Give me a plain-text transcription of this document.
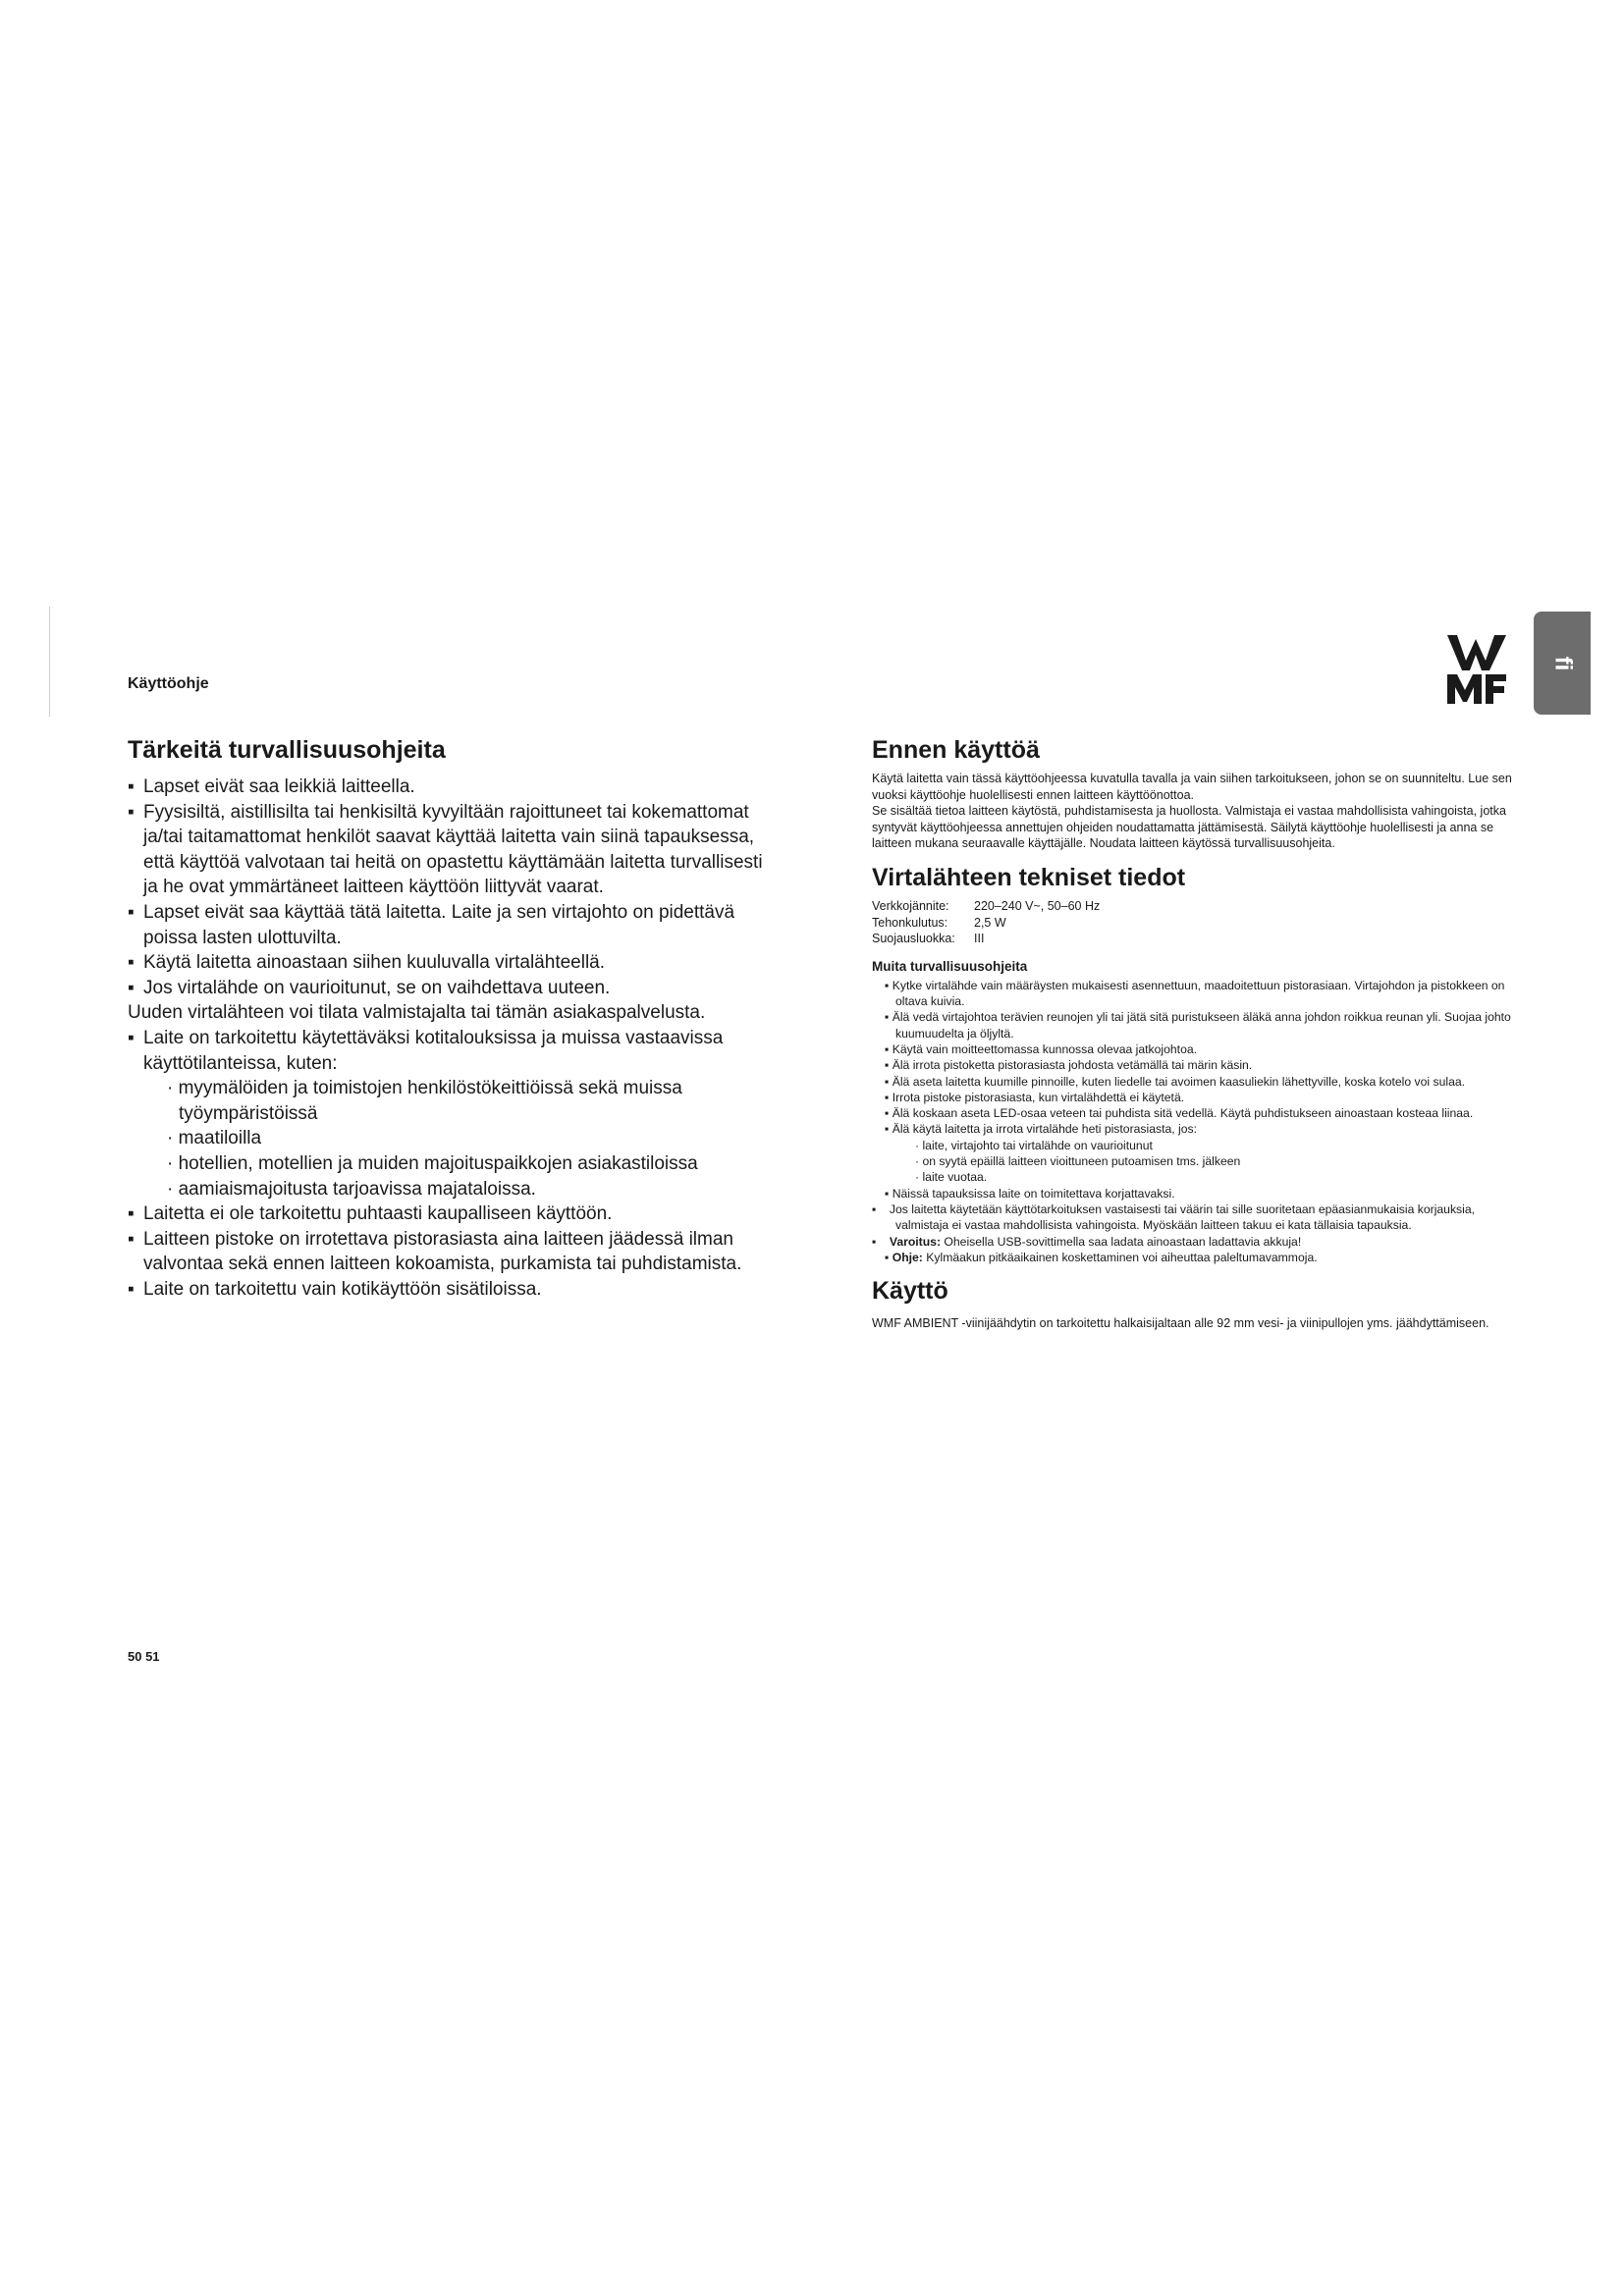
Käyttöohje
fi
Tärkeitä turvallisuusohjeita

▪ Lapset eivät saa leikkiä laitteella.

▪ Fyysisiltä, aistillisilta tai henkisiltä kyvyiltään rajoittuneet tai kokemattomat ja/tai taitamattomat henkilöt saavat käyttää laitetta vain siinä tapauksessa, että käyttöä valvotaan tai heitä on opastettu käyttämään laitetta turvallisesti ja he ovat ymmärtäneet laitteen käyttöön liittyvät vaarat.

▪ Lapset eivät saa käyttää tätä laitetta. Laite ja sen virtajohto on pidettävä poissa lasten ulottuvilta.

▪ Käytä laitetta ainoastaan siihen kuuluvalla virtalähteellä.

▪ Jos virtalähde on vaurioitunut, se on vaihdettava uuteen.

Uuden virtalähteen voi tilata valmistajalta tai tämän asiakaspalvelusta.

▪ Laite on tarkoitettu käytettäväksi kotitalouksissa ja muissa vastaavissa käyttötilanteissa, kuten:

· myymälöiden ja toimistojen henkilöstökeittiöissä sekä muissa työympäristöissä

· maatiloilla

· hotellien, motellien ja muiden majoituspaikkojen asiakastiloissa

· aamiaismajoitusta tarjoavissa majataloissa.

▪ Laitetta ei ole tarkoitettu puhtaasti kaupalliseen käyttöön.

▪ Laitteen pistoke on irrotettava pistorasiasta aina laitteen jäädessä ilman valvontaa sekä ennen laitteen kokoamista, purkamista tai puhdistamista.

▪ Laite on tarkoitettu vain kotikäyttöön sisätiloissa.

Ennen käyttöä

Käytä laitetta vain tässä käyttöohjeessa kuvatulla tavalla ja vain siihen tarkoitukseen, johon se on suunniteltu. Lue sen vuoksi käyttöohje huolellisesti ennen laitteen käyttöönottoa.

Se sisältää tietoa laitteen käytöstä, puhdistamisesta ja huollosta. Valmistaja ei vastaa mahdollisista vahingoista, jotka syntyvät käyttöohjeessa annettujen ohjeiden noudattamatta jättämisestä. Säilytä käyttöohje huolellisesti ja anna se laitteen mukana seuraavalle käyttäjälle. Noudata laitteen käytössä turvallisuusohjeita.

Virtalähteen tekniset tiedot

Verkkojännite:	220–240 V~, 50–60 Hz

Tehonkulutus:	2,5 W

Suojausluokka:	III

Muita turvallisuusohjeita

▪ Kytke virtalähde vain määräysten mukaisesti asennettuun, maadoitettuun pistorasiaan. Virtajohdon ja pistokkeen on oltava kuivia.

▪ Älä vedä virtajohtoa terävien reunojen yli tai jätä sitä puristukseen äläkä anna johdon roikkua reunan yli. Suojaa johto kuumuudelta ja öljyltä.

▪ Käytä vain moitteettomassa kunnossa olevaa jatkojohtoa.

▪ Älä irrota pistoketta pistorasiasta johdosta vetämällä tai märin käsin.

▪ Älä aseta laitetta kuumille pinnoille, kuten liedelle tai avoimen kaasuliekin lähettyville, koska kotelo voi sulaa.

▪ Irrota pistoke pistorasiasta, kun virtalähdettä ei käytetä.

▪ Älä koskaan aseta LED-osaa veteen tai puhdista sitä vedellä. Käytä puhdistukseen ainoastaan kosteaa liinaa.

▪ Älä käytä laitetta ja irrota virtalähde heti pistorasiasta, jos:

· laite, virtajohto tai virtalähde on vaurioitunut

· on syytä epäillä laitteen vioittuneen putoamisen tms. jälkeen

· laite vuotaa.

▪ Näissä tapauksissa laite on toimitettava korjattavaksi.

▪    Jos laitetta käytetään käyttötarkoituksen vastaisesti tai väärin tai sille suoritetaan epäasianmukaisia korjauksia, valmistaja ei vastaa mahdollisista vahingoista. Myöskään laitteen takuu ei kata tällaisia tapauksia.

▪    Varoitus: Oheisella USB-sovittimella saa ladata ainoastaan ladattavia akkuja!

▪ Ohje: Kylmäakun pitkäaikainen koskettaminen voi aiheuttaa paleltumavammoja.

Käyttö

WMF AMBIENT -viinijäähdytin on tarkoitettu halkaisijaltaan alle 92 mm vesi- ja viinipullojen yms. jäähdyttämiseen.

50 51
